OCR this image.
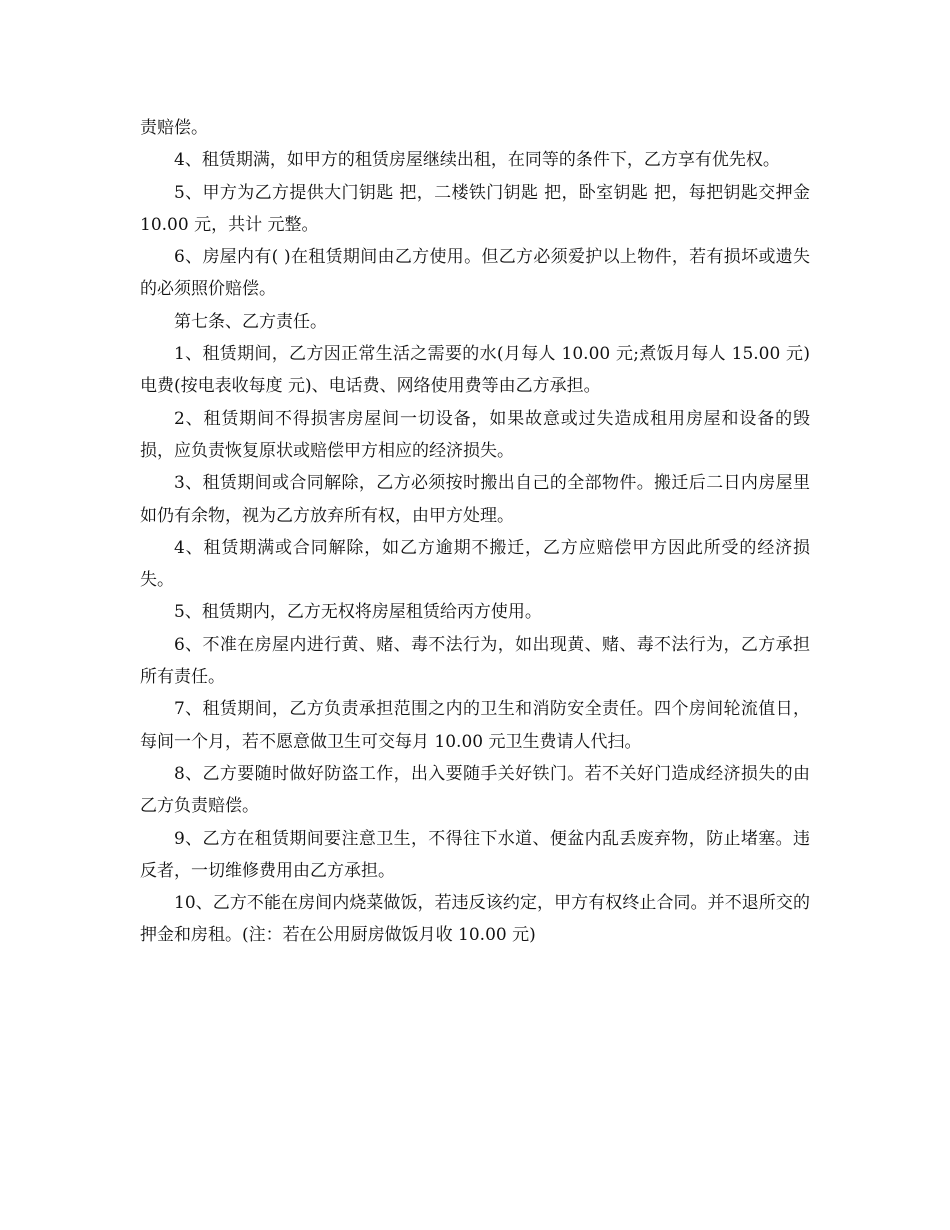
责赔偿。

4、租赁期满，如甲方的租赁房屋继续出租，在同等的条件下，乙方享有优先权。

5、甲方为乙方提供大门钥匙 把，二楼铁门钥匙 把，卧室钥匙 把，每把钥匙交押金 10.00 元，共计 元整。

6、房屋内有( )在租赁期间由乙方使用。但乙方必须爱护以上物件，若有损坏或遗失的必须照价赔偿。

第七条、乙方责任。

1、租赁期间，乙方因正常生活之需要的水(月每人 10.00 元;煮饭月每人 15.00 元)电费(按电表收每度 元)、电话费、网络使用费等由乙方承担。

2、租赁期间不得损害房屋间一切设备，如果故意或过失造成租用房屋和设备的毁损，应负责恢复原状或赔偿甲方相应的经济损失。

3、租赁期间或合同解除，乙方必须按时搬出自己的全部物件。搬迁后二日内房屋里如仍有余物，视为乙方放弃所有权，由甲方处理。

4、租赁期满或合同解除，如乙方逾期不搬迁，乙方应赔偿甲方因此所受的经济损失。

5、租赁期内，乙方无权将房屋租赁给丙方使用。

6、不准在房屋内进行黄、赌、毒不法行为，如出现黄、赌、毒不法行为，乙方承担所有责任。

7、租赁期间，乙方负责承担范围之内的卫生和消防安全责任。四个房间轮流值日，每间一个月，若不愿意做卫生可交每月 10.00 元卫生费请人代扫。

8、乙方要随时做好防盗工作，出入要随手关好铁门。若不关好门造成经济损失的由乙方负责赔偿。

9、乙方在租赁期间要注意卫生，不得往下水道、便盆内乱丢废弃物，防止堵塞。违反者，一切维修费用由乙方承担。

10、乙方不能在房间内烧菜做饭，若违反该约定，甲方有权终止合同。并不退所交的押金和房租。(注：若在公用厨房做饭月收 10.00 元)
